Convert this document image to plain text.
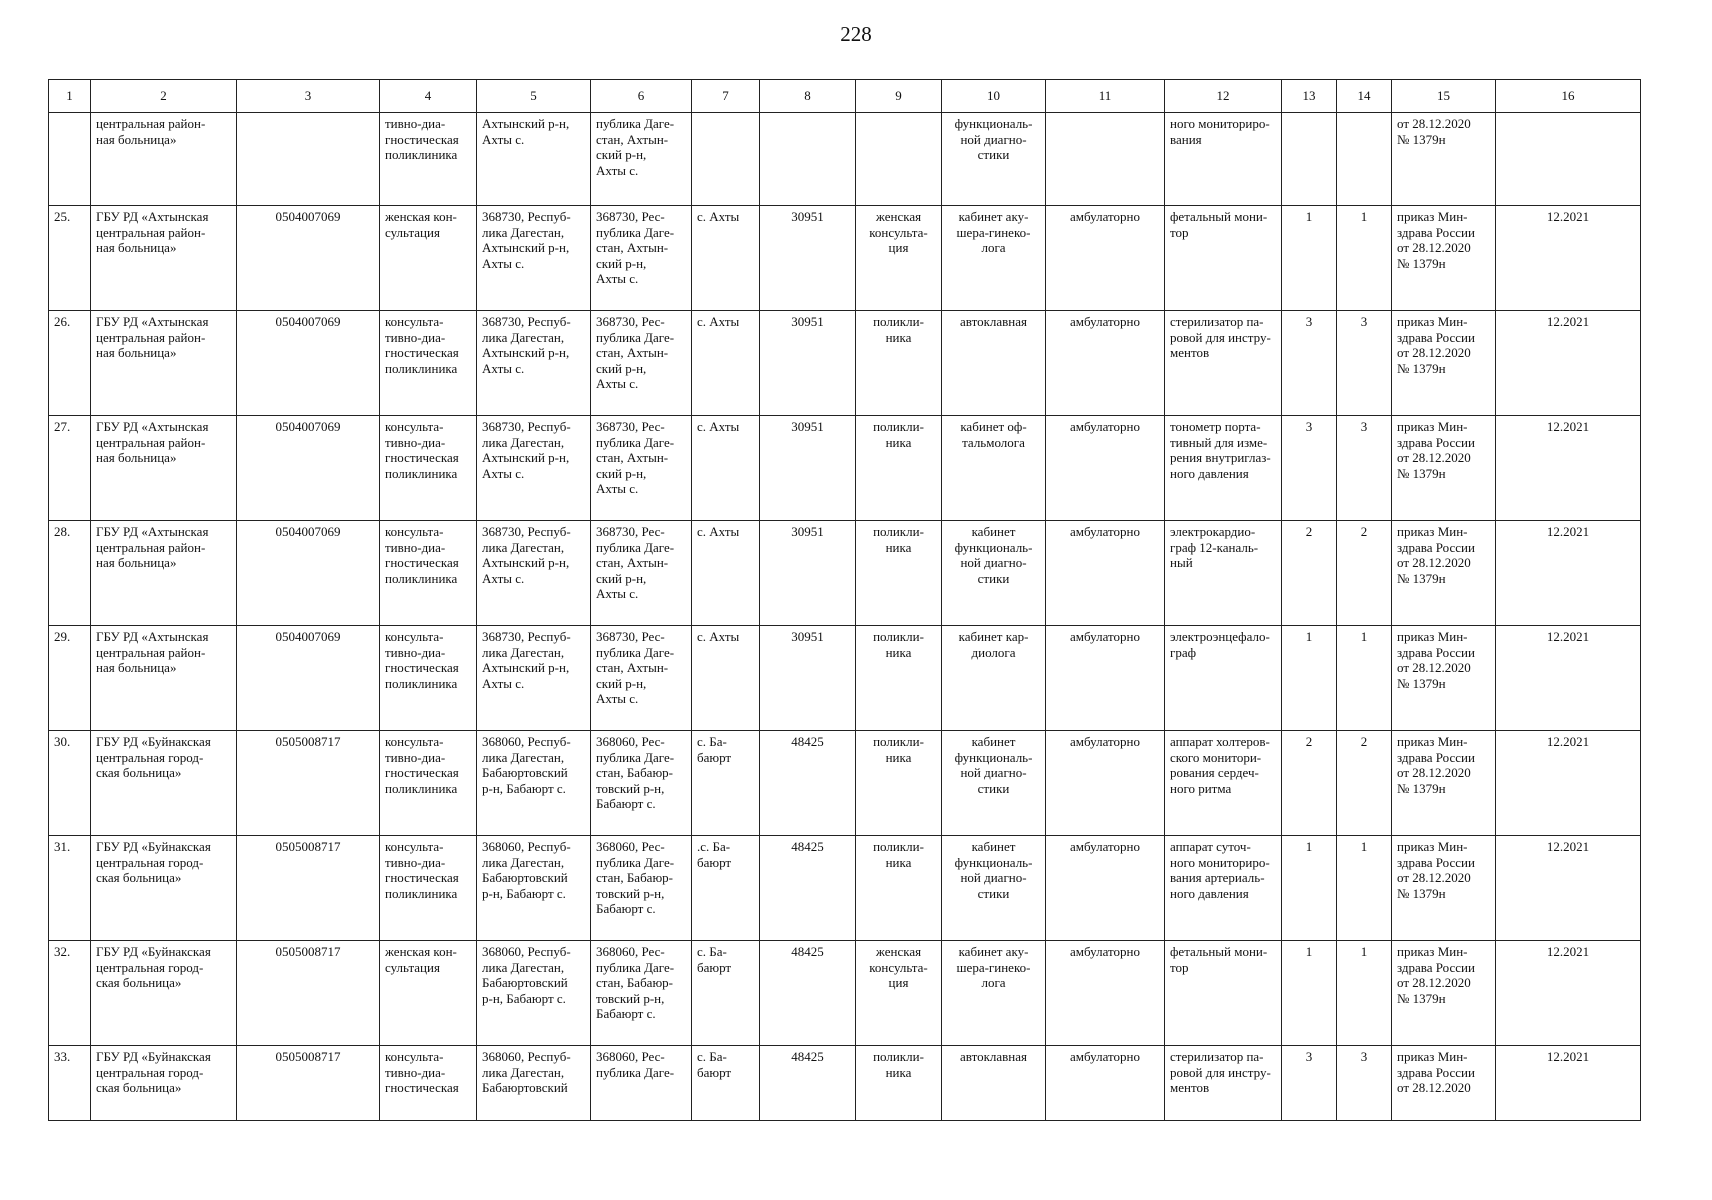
228
1	2	3	4	5	6	7	8	9	10	11	12	13	14	15	16
	центральная район-
ная больница»		тивно-диа-
гностическая
поликлиника	Ахтынский р-н,
Ахты с.	публика Даге-
стан, Ахтын-
ский р-н,
Ахты с.				функциональ-
ной диагно-
стики		ного мониториро-
вания			от 28.12.2020
№ 1379н	
25.	ГБУ РД «Ахтынская
центральная район-
ная больница»	0504007069	женская кон-
сультация	368730, Респуб-
лика Дагестан,
Ахтынский р-н,
Ахты с.	368730, Рес-
публика Даге-
стан, Ахтын-
ский р-н,
Ахты с.	с. Ахты	30951	женская
консульта-
ция	кабинет аку-
шера-гинеко-
лога	амбулаторно	фетальный мони-
тор	1	1	приказ Мин-
здрава России
от 28.12.2020
№ 1379н	12.2021
26.	ГБУ РД «Ахтынская
центральная район-
ная больница»	0504007069	консульта-
тивно-диа-
гностическая
поликлиника	368730, Респуб-
лика Дагестан,
Ахтынский р-н,
Ахты с.	368730, Рес-
публика Даге-
стан, Ахтын-
ский р-н,
Ахты с.	с. Ахты	30951	поликли-
ника	автоклавная	амбулаторно	стерилизатор па-
ровой для инстру-
ментов	3	3	приказ Мин-
здрава России
от 28.12.2020
№ 1379н	12.2021
27.	ГБУ РД «Ахтынская
центральная район-
ная больница»	0504007069	консульта-
тивно-диа-
гностическая
поликлиника	368730, Респуб-
лика Дагестан,
Ахтынский р-н,
Ахты с.	368730, Рес-
публика Даге-
стан, Ахтын-
ский р-н,
Ахты с.	с. Ахты	30951	поликли-
ника	кабинет оф-
тальмолога	амбулаторно	тонометр порта-
тивный для изме-
рения внутриглаз-
ного давления	3	3	приказ Мин-
здрава России
от 28.12.2020
№ 1379н	12.2021
28.	ГБУ РД «Ахтынская
центральная район-
ная больница»	0504007069	консульта-
тивно-диа-
гностическая
поликлиника	368730, Респуб-
лика Дагестан,
Ахтынский р-н,
Ахты с.	368730, Рес-
публика Даге-
стан, Ахтын-
ский р-н,
Ахты с.	с. Ахты	30951	поликли-
ника	кабинет
функциональ-
ной диагно-
стики	амбулаторно	электрокардио-
граф 12-каналь-
ный	2	2	приказ Мин-
здрава России
от 28.12.2020
№ 1379н	12.2021
29.	ГБУ РД «Ахтынская
центральная район-
ная больница»	0504007069	консульта-
тивно-диа-
гностическая
поликлиника	368730, Респуб-
лика Дагестан,
Ахтынский р-н,
Ахты с.	368730, Рес-
публика Даге-
стан, Ахтын-
ский р-н,
Ахты с.	с. Ахты	30951	поликли-
ника	кабинет кар-
диолога	амбулаторно	электроэнцефало-
граф	1	1	приказ Мин-
здрава России
от 28.12.2020
№ 1379н	12.2021
30.	ГБУ РД «Буйнакская
центральная город-
ская больница»	0505008717	консульта-
тивно-диа-
гностическая
поликлиника	368060, Респуб-
лика Дагестан,
Бабаюртовский
р-н, Бабаюрт с.	368060, Рес-
публика Даге-
стан, Бабаюр-
товский р-н,
Бабаюрт с.	с. Ба-
баюрт	48425	поликли-
ника	кабинет
функциональ-
ной диагно-
стики	амбулаторно	аппарат холтеров-
ского монитори-
рования сердеч-
ного ритма	2	2	приказ Мин-
здрава России
от 28.12.2020
№ 1379н	12.2021
31.	ГБУ РД «Буйнакская
центральная город-
ская больница»	0505008717	консульта-
тивно-диа-
гностическая
поликлиника	368060, Респуб-
лика Дагестан,
Бабаюртовский
р-н, Бабаюрт с.	368060, Рес-
публика Даге-
стан, Бабаюр-
товский р-н,
Бабаюрт с.	.с. Ба-
баюрт	48425	поликли-
ника	кабинет
функциональ-
ной диагно-
стики	амбулаторно	аппарат суточ-
ного мониториро-
вания артериаль-
ного давления	1	1	приказ Мин-
здрава России
от 28.12.2020
№ 1379н	12.2021
32.	ГБУ РД «Буйнакская
центральная город-
ская больница»	0505008717	женская кон-
сультация	368060, Респуб-
лика Дагестан,
Бабаюртовский
р-н, Бабаюрт с.	368060, Рес-
публика Даге-
стан, Бабаюр-
товский р-н,
Бабаюрт с.	с. Ба-
баюрт	48425	женская
консульта-
ция	кабинет аку-
шера-гинеко-
лога	амбулаторно	фетальный мони-
тор	1	1	приказ Мин-
здрава России
от 28.12.2020
№ 1379н	12.2021
33.	ГБУ РД «Буйнакская
центральная город-
ская больница»	0505008717	консульта-
тивно-диа-
гностическая	368060, Респуб-
лика Дагестан,
Бабаюртовский	368060, Рес-
публика Даге-	с. Ба-
баюрт	48425	поликли-
ника	автоклавная	амбулаторно	стерилизатор па-
ровой для инстру-
ментов	3	3	приказ Мин-
здрава России
от 28.12.2020	12.2021
